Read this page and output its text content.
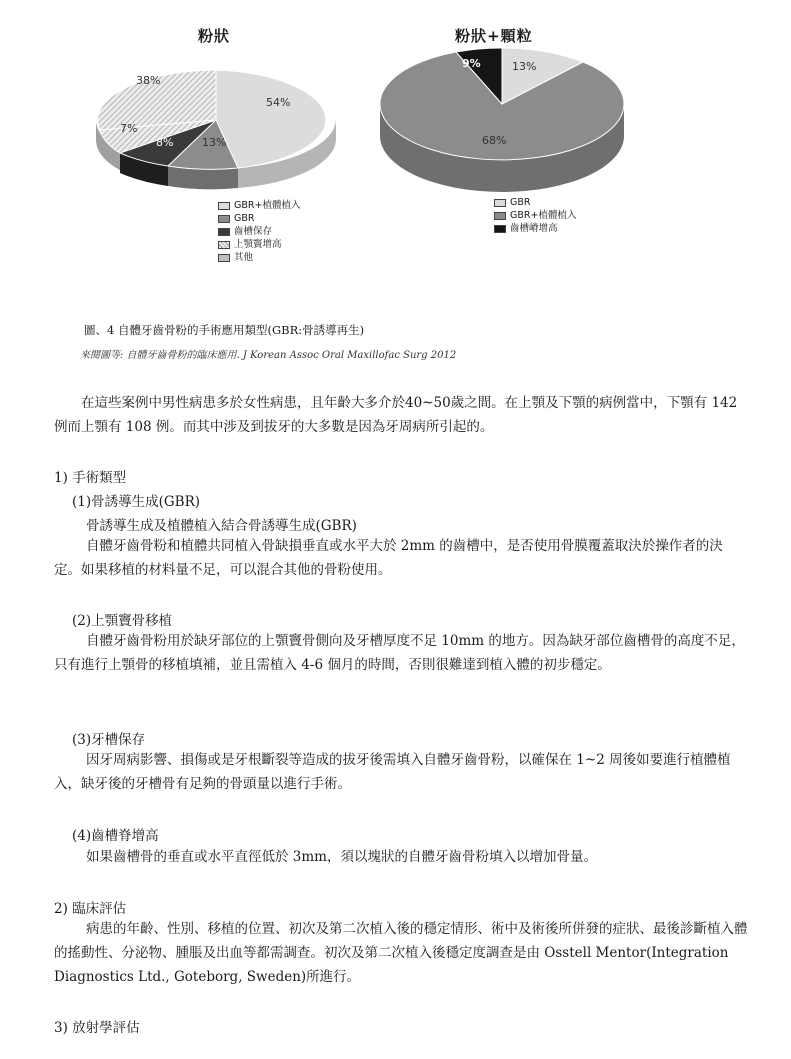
粉狀
54%
38%
7%
8%	13%
GBR+植體植入
GBR
齒槽保存
上顎竇增高
其他
粉狀+顆粒
9%	13%
68%
GBR
GBR+植體植入
齒槽嵴增高
圖、4 自體牙齒骨粉的手術應用類型(GBR:骨誘導再生)
來閱圖等: 自體牙齒骨粉的臨床應用. J Korean Assoc Oral Maxillofac Surg 2012
在這些案例中男性病患多於女性病患，且年齡大多介於40~50歲之間。在上顎及下顎的病例當中，下顎有 142 例而上顎有 108 例。而其中涉及到拔牙的大多數是因為牙周病所引起的。
1) 手術類型
(1)骨誘導生成(GBR)
骨誘導生成及植體植入結合骨誘導生成(GBR)
自體牙齒骨粉和植體共同植入骨缺損垂直或水平大於 2mm 的齒槽中，是否使用骨膜覆蓋取決於操作者的決定。如果移植的材料量不足，可以混合其他的骨粉使用。
(2)上顎竇骨移植
自體牙齒骨粉用於缺牙部位的上顎竇骨側向及牙槽厚度不足 10mm 的地方。因為缺牙部位齒槽骨的高度不足，只有進行上顎骨的移植填補，並且需植入 4-6 個月的時間，否則很難達到植入體的初步穩定。
(3)牙槽保存
因牙周病影響、損傷或是牙根斷裂等造成的拔牙後需填入自體牙齒骨粉，以確保在 1~2 周後如要進行植體植入，缺牙後的牙槽骨有足夠的骨頭量以進行手術。
(4)齒槽脊增高
如果齒槽骨的垂直或水平直徑低於 3mm，須以塊狀的自體牙齒骨粉填入以增加骨量。
2) 臨床評估
病患的年齡、性別、移植的位置、初次及第二次植入後的穩定情形、術中及術後所併發的症狀、最後診斷植入體的搖動性、分泌物、腫脹及出血等都需調查。初次及第二次植入後穩定度調查是由 Osstell Mentor(Integration Diagnostics Ltd., Goteborg, Sweden)所進行。
3) 放射學評估
